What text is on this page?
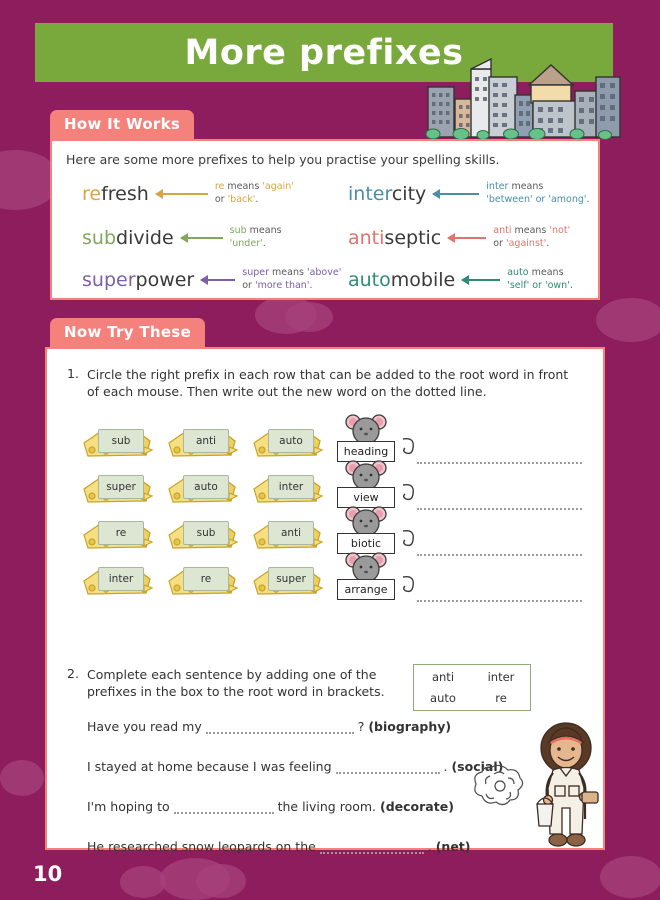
More prefixes
How It Works
Here are some more prefixes to help you practise your spelling skills.
refresh	re means 'again'
or 'back'.
subdivide	sub means
'under'.
superpower	super means 'above'
or 'more than'.
intercity	inter means
'between' or 'among'.
antiseptic	anti means 'not'
or 'against'.
automobile	auto means
'self' or 'own'.
Now Try These
1. Circle the right prefix in each row that can be added to the root word in front of each mouse. Then write out the new word on the dotted line.
sub	anti	auto
heading
super	auto	inter
view
re	sub	anti
biotic
inter	re	super
arrange
2. Complete each sentence by adding one of the prefixes in the box to the root word in brackets.
Have you read my	? (biography)
I stayed at home because I was feeling	. (social)
I'm hoping to	the living room. (decorate)
He researched snow leopards on the	. (net)
anti	inter
auto	re
10
